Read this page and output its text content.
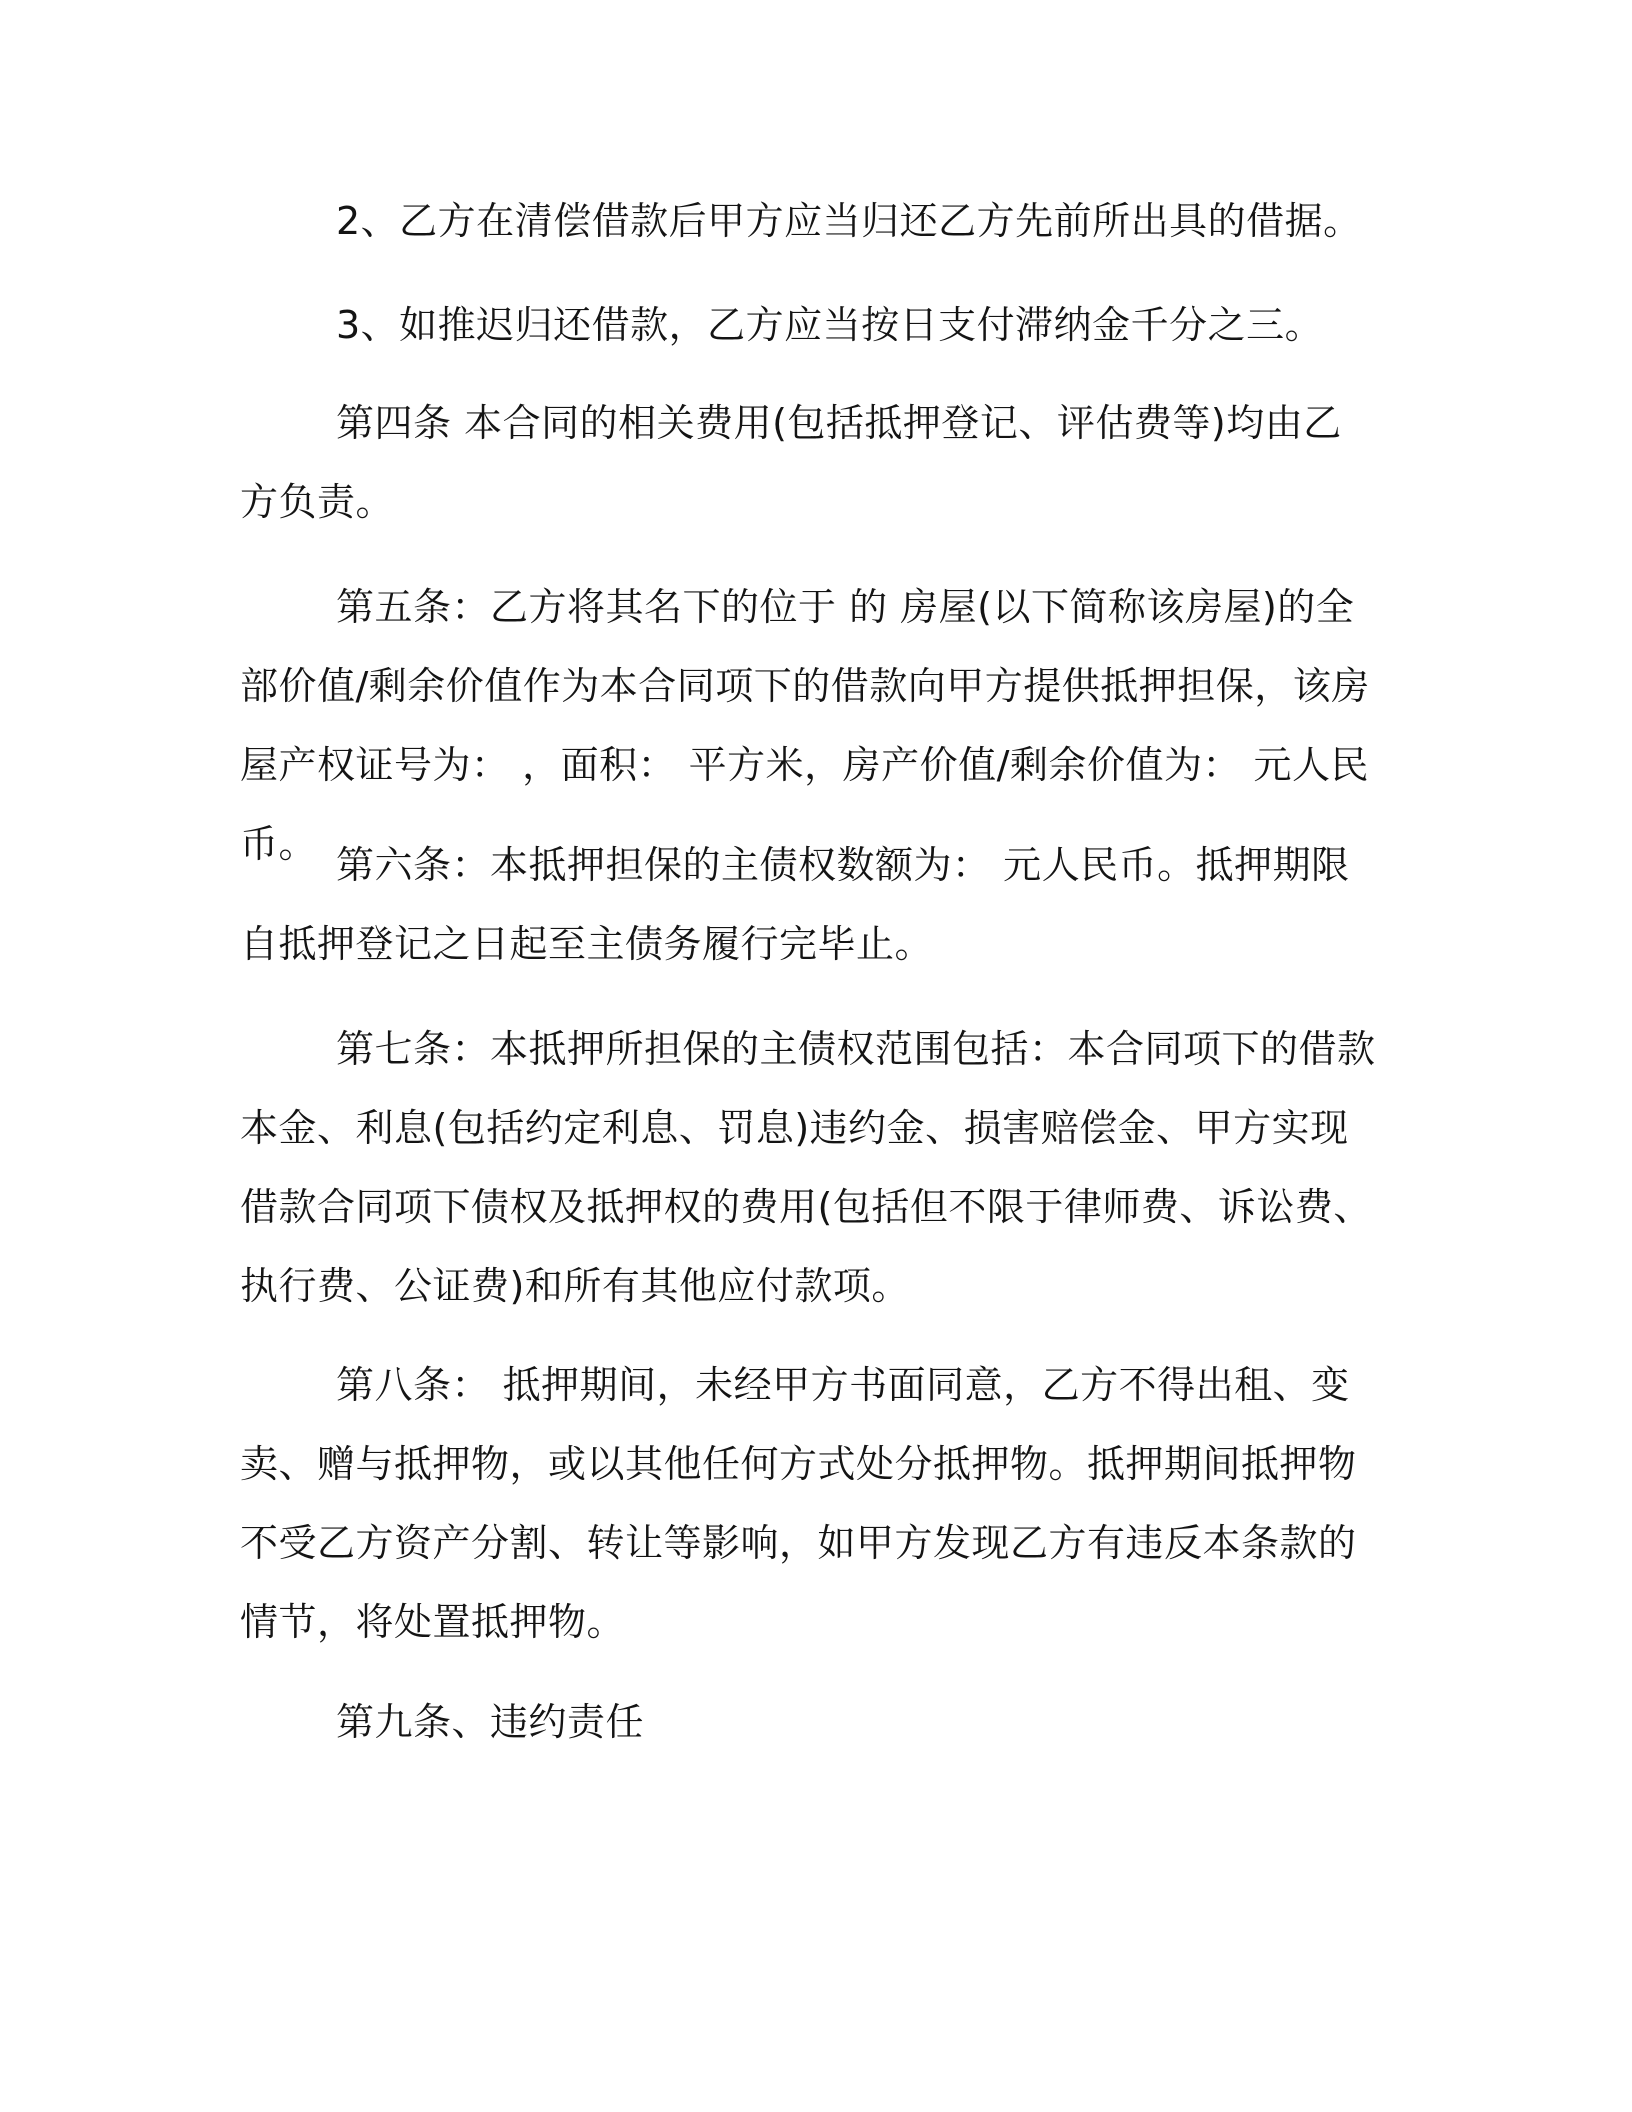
2、乙方在清偿借款后甲方应当归还乙方先前所出具的借据。

3、如推迟归还借款，乙方应当按日支付滞纳金千分之三。

第四条 本合同的相关费用(包括抵押登记、评估费等)均由乙方负责。

第五条：乙方将其名下的位于 的 房屋(以下简称该房屋)的全部价值/剩余价值作为本合同项下的借款向甲方提供抵押担保，该房屋产权证号为： ，面积： 平方米，房产价值/剩余价值为： 元人民币。 第六条：本抵押担保的主债权数额为： 元人民币。抵押期限自抵押登记之日起至主债务履行完毕止。

第七条：本抵押所担保的主债权范围包括：本合同项下的借款本金、利息(包括约定利息、罚息)违约金、损害赔偿金、甲方实现借款合同项下债权及抵押权的费用(包括但不限于律师费、诉讼费、执行费、公证费)和所有其他应付款项。

第八条： 抵押期间，未经甲方书面同意，乙方不得出租、变卖、赠与抵押物，或以其他任何方式处分抵押物。抵押期间抵押物不受乙方资产分割、转让等影响，如甲方发现乙方有违反本条款的情节，将处置抵押物。

第九条、违约责任
